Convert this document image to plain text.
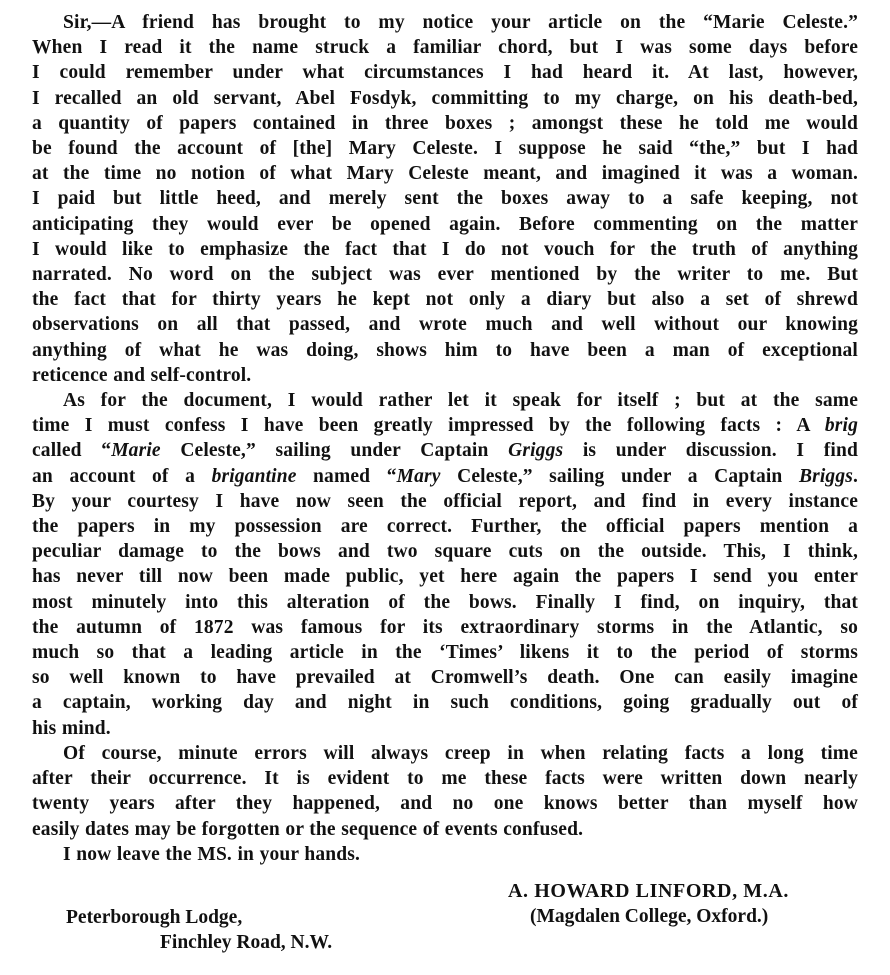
Sir,—A friend has brought to my notice your article on the “Marie Celeste.”
When I read it the name struck a familiar chord, but I was some days before
I could remember under what circumstances I had heard it. At last, however,
I recalled an old servant, Abel Fosdyk, committing to my charge, on his death-bed,
a quantity of papers contained in three boxes ; amongst these he told me would
be found the account of [the] Mary Celeste. I suppose he said “the,” but I had
at the time no notion of what Mary Celeste meant, and imagined it was a woman.
I paid but little heed, and merely sent the boxes away to a safe keeping, not
anticipating they would ever be opened again. Before commenting on the matter
I would like to emphasize the fact that I do not vouch for the truth of anything
narrated. No word on the subject was ever mentioned by the writer to me. But
the fact that for thirty years he kept not only a diary but also a set of shrewd
observations on all that passed, and wrote much and well without our knowing
anything of what he was doing, shows him to have been a man of exceptional
reticence and self-control.

As for the document, I would rather let it speak for itself ; but at the same
time I must confess I have been greatly impressed by the following facts : A brig
called “Marie Celeste,” sailing under Captain Griggs is under discussion. I find
an account of a brigantine named “Mary Celeste,” sailing under a Captain Briggs.
By your courtesy I have now seen the official report, and find in every instance
the papers in my possession are correct. Further, the official papers mention a
peculiar damage to the bows and two square cuts on the outside. This, I think,
has never till now been made public, yet here again the papers I send you enter
most minutely into this alteration of the bows. Finally I find, on inquiry, that
the autumn of 1872 was famous for its extraordinary storms in the Atlantic, so
much so that a leading article in the ‘Times’ likens it to the period of storms
so well known to have prevailed at Cromwell’s death. One can easily imagine
a captain, working day and night in such conditions, going gradually out of
his mind.

Of course, minute errors will always creep in when relating facts a long time
after their occurrence. It is evident to me these facts were written down nearly
twenty years after they happened, and no one knows better than myself how
easily dates may be forgotten or the sequence of events confused.

I now leave the MS. in your hands.

A. HOWARD LINFORD, M.A.
(Magdalen College, Oxford.)
Peterborough Lodge,
Finchley Road, N.W.
